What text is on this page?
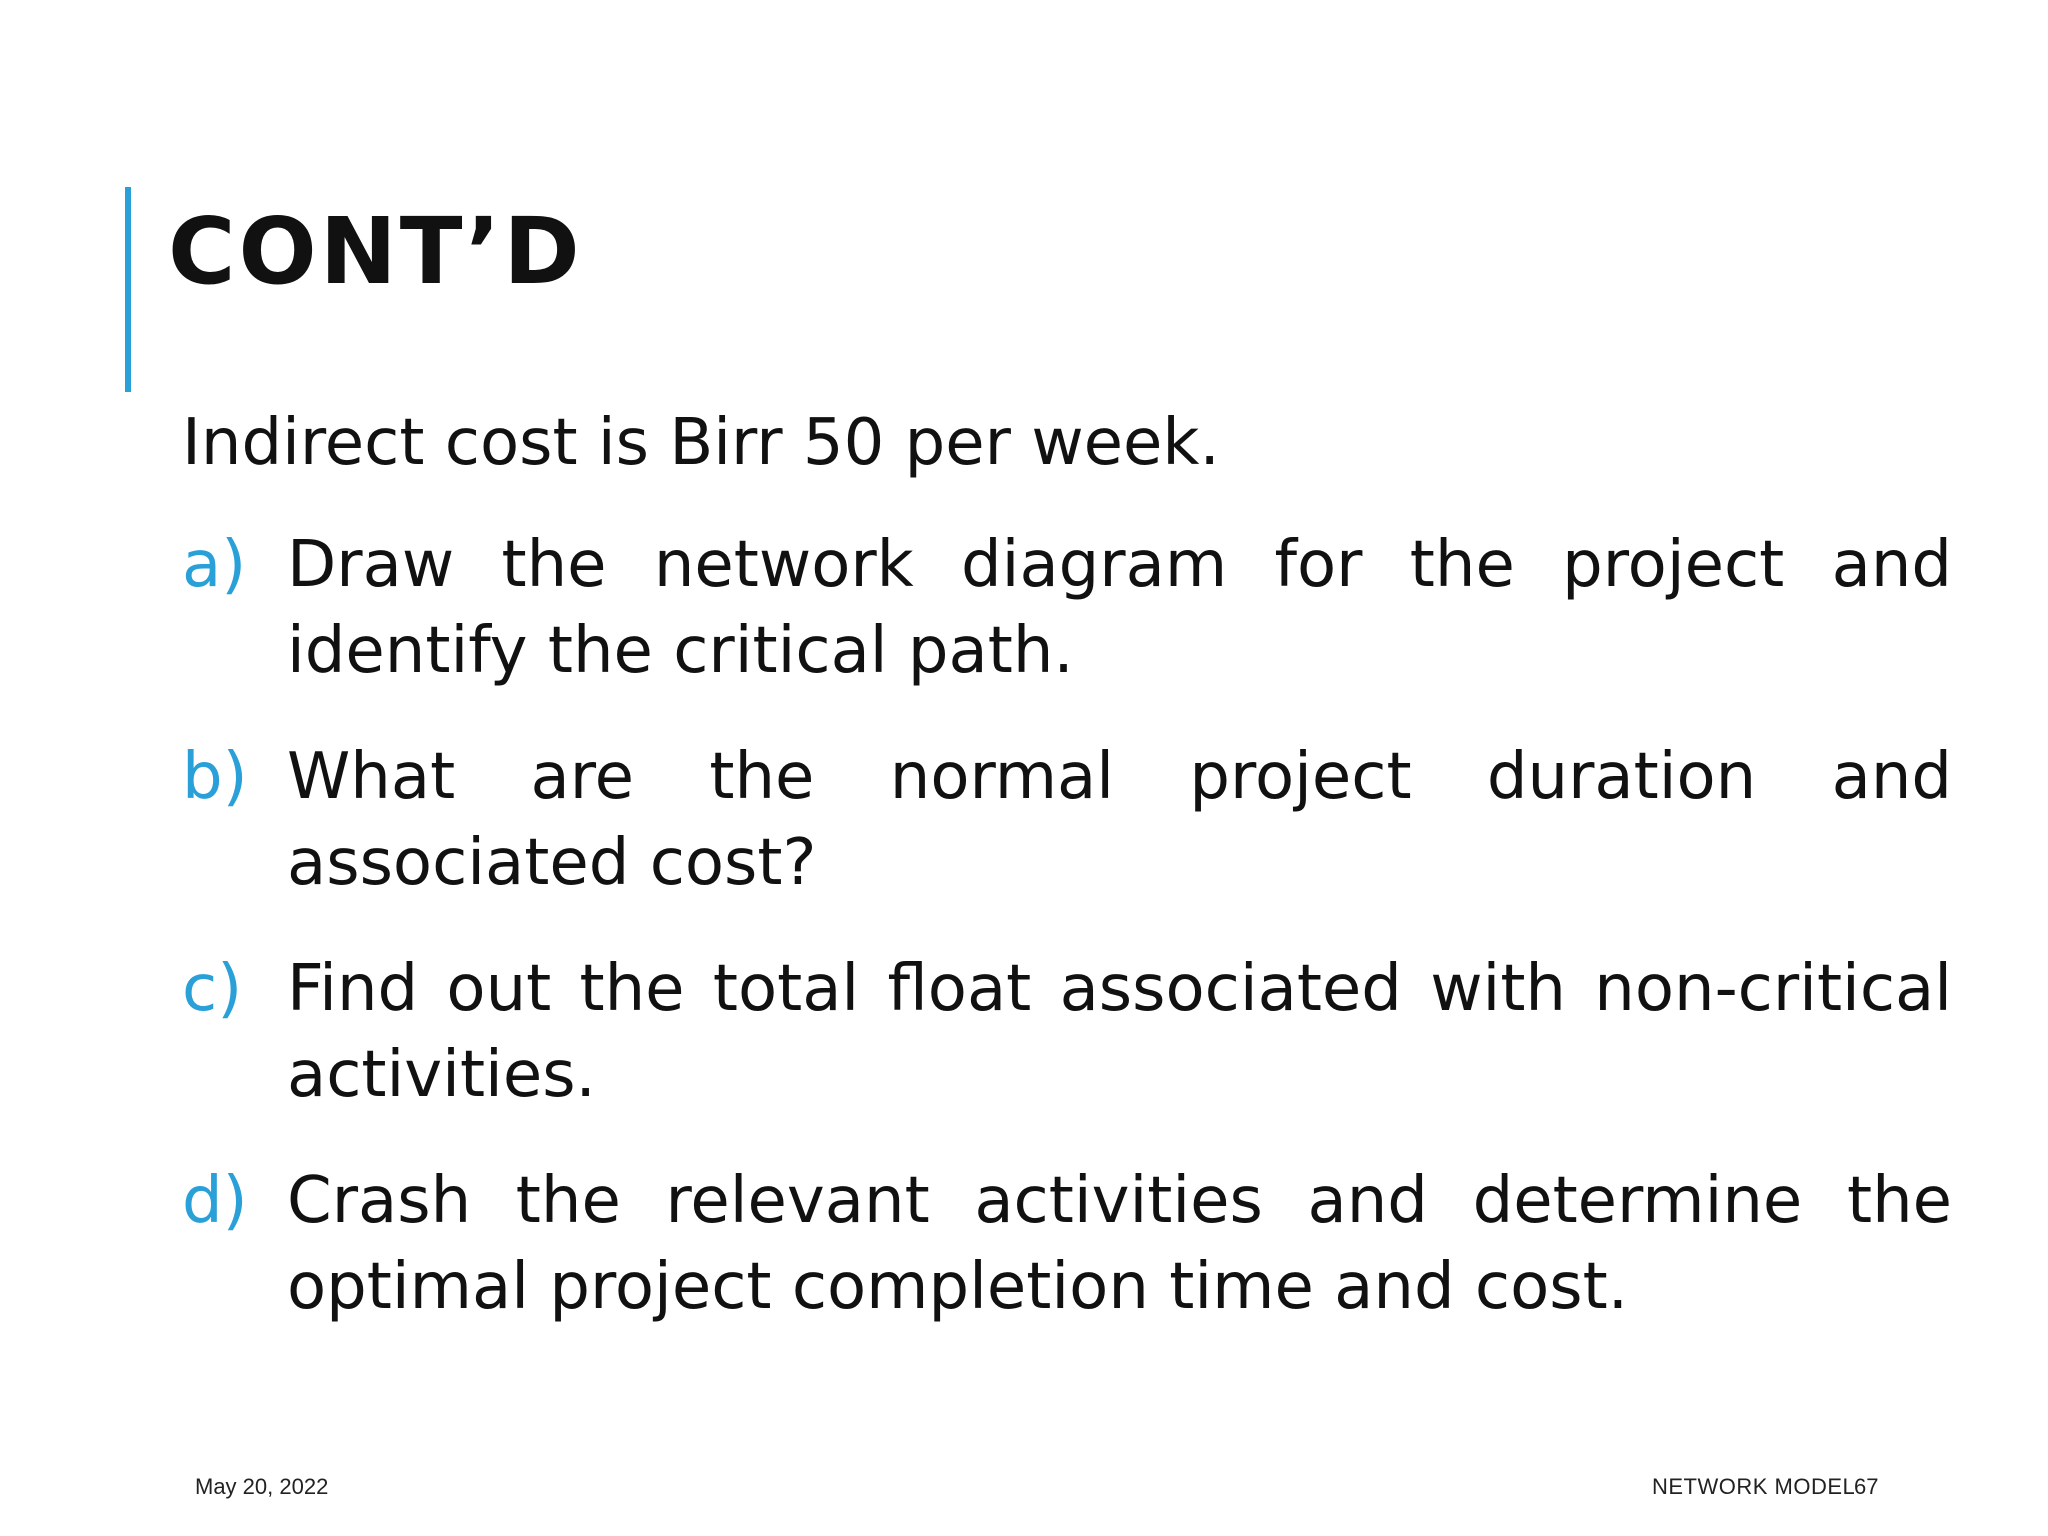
CONT’D

Indirect cost is Birr 50 per week.

a) Draw the network diagram for the project and identify the critical path.
b) What are the normal project duration and associated cost?
c) Find out the total float associated with non-critical activities.
d) Crash the relevant activities and determine the optimal project completion time and cost.
May 20, 2022	NETWORK MODEL
67
